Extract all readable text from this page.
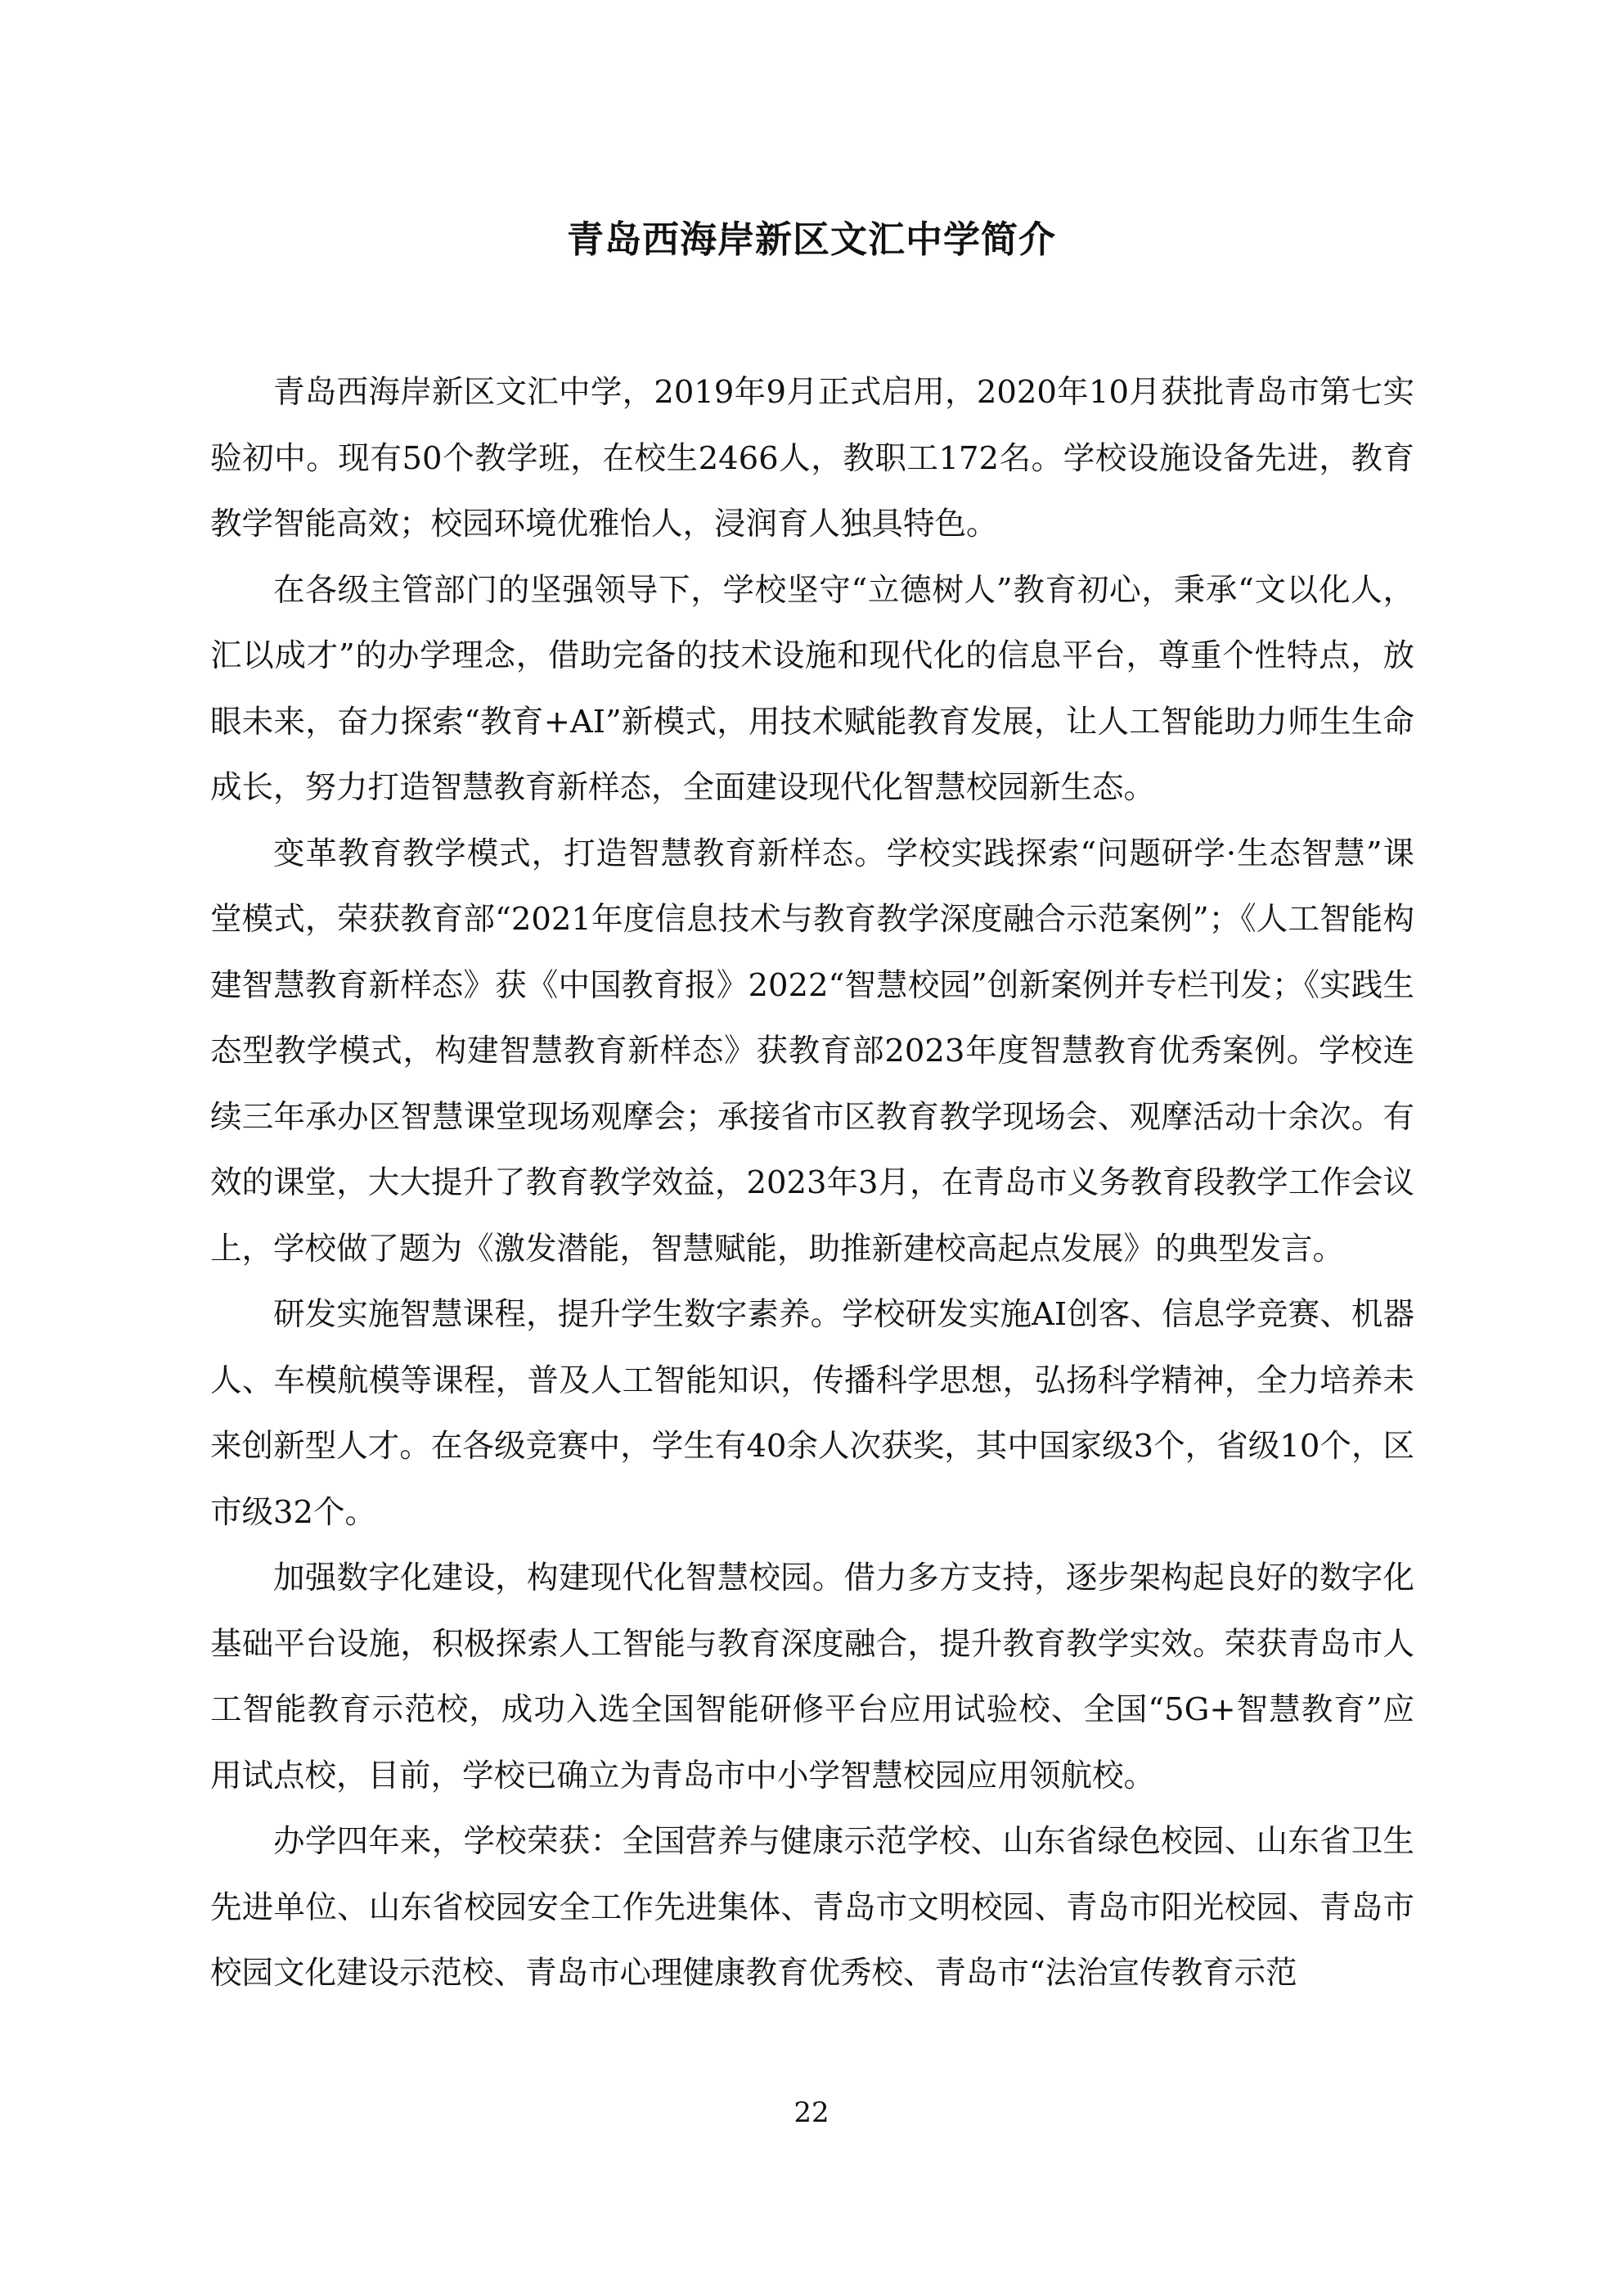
青岛西海岸新区文汇中学简介

青岛西海岸新区文汇中学，2019年9月正式启用，2020年10月获批青岛市第七实验初中。现有50个教学班，在校生2466人，教职工172名。学校设施设备先进，教育教学智能高效；校园环境优雅怡人，浸润育人独具特色。

在各级主管部门的坚强领导下，学校坚守“立德树人”教育初心，秉承“文以化人，汇以成才”的办学理念，借助完备的技术设施和现代化的信息平台，尊重个性特点，放眼未来，奋力探索“教育+AI”新模式，用技术赋能教育发展，让人工智能助力师生生命成长，努力打造智慧教育新样态，全面建设现代化智慧校园新生态。

变革教育教学模式，打造智慧教育新样态。学校实践探索“问题研学·生态智慧”课堂模式，荣获教育部“2021年度信息技术与教育教学深度融合示范案例”；《人工智能构建智慧教育新样态》获《中国教育报》2022“智慧校园”创新案例并专栏刊发；《实践生态型教学模式，构建智慧教育新样态》获教育部2023年度智慧教育优秀案例。学校连续三年承办区智慧课堂现场观摩会；承接省市区教育教学现场会、观摩活动十余次。有效的课堂，大大提升了教育教学效益，2023年3月，在青岛市义务教育段教学工作会议上，学校做了题为《激发潜能，智慧赋能，助推新建校高起点发展》的典型发言。

研发实施智慧课程，提升学生数字素养。学校研发实施AI创客、信息学竞赛、机器人、车模航模等课程，普及人工智能知识，传播科学思想，弘扬科学精神，全力培养未来创新型人才。在各级竞赛中，学生有40余人次获奖，其中国家级3个，省级10个，区市级32个。

加强数字化建设，构建现代化智慧校园。借力多方支持，逐步架构起良好的数字化基础平台设施，积极探索人工智能与教育深度融合，提升教育教学实效。荣获青岛市人工智能教育示范校，成功入选全国智能研修平台应用试验校、全国“5G+智慧教育”应用试点校，目前，学校已确立为青岛市中小学智慧校园应用领航校。

办学四年来，学校荣获：全国营养与健康示范学校、山东省绿色校园、山东省卫生先进单位、山东省校园安全工作先进集体、青岛市文明校园、青岛市阳光校园、青岛市校园文化建设示范校、青岛市心理健康教育优秀校、青岛市“法治宣传教育示范

22
